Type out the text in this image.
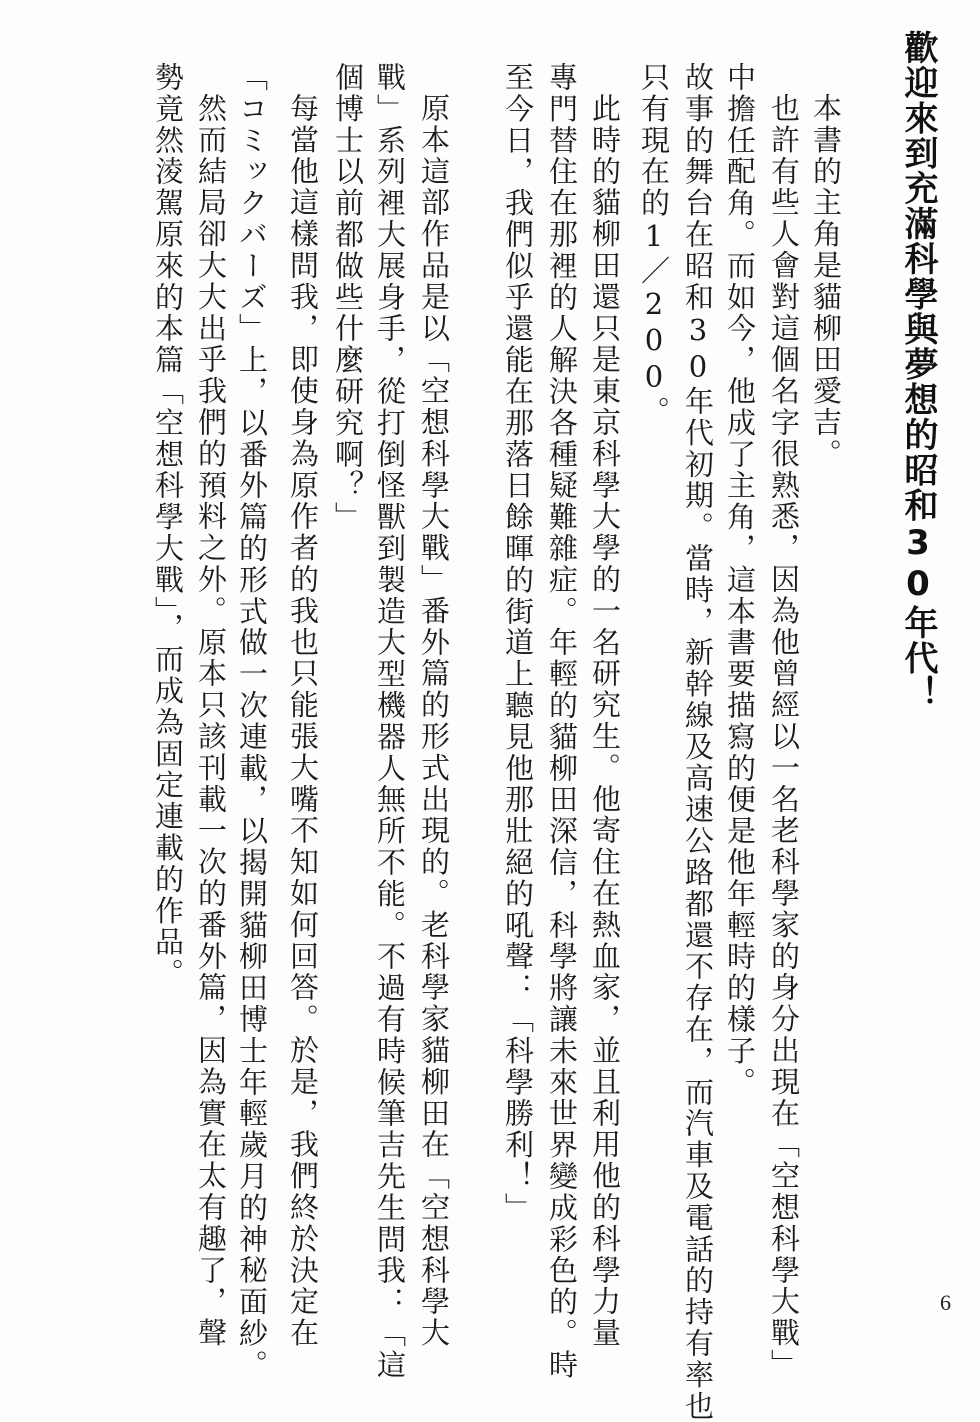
歡迎來到充滿科學與夢想的昭和30年代！
本書的主角是貓柳田愛吉。
也許有些人會對這個名字很熟悉，因為他曾經以一名老科學家的身分出現在「空想科學大戰」
中擔任配角。而如今，他成了主角，這本書要描寫的便是他年輕時的樣子。
故事的舞台在昭和30年代初期。當時，新幹線及高速公路都還不存在，而汽車及電話的持有率也
只有現在的1／200。
此時的貓柳田還只是東京科學大學的一名研究生。他寄住在熱血家，並且利用他的科學力量
專門替住在那裡的人解決各種疑難雜症。年輕的貓柳田深信，科學將讓未來世界變成彩色的。時
至今日，我們似乎還能在那落日餘暉的街道上聽見他那壯絕的吼聲：「科學勝利！」
原本這部作品是以「空想科學大戰」番外篇的形式出現的。老科學家貓柳田在「空想科學大
戰」系列裡大展身手，從打倒怪獸到製造大型機器人無所不能。不過有時候筆吉先生問我：「這
個博士以前都做些什麼研究啊？」
每當他這樣問我，即使身為原作者的我也只能張大嘴不知如何回答。於是，我們終於決定在
「コミックバーズ」上，以番外篇的形式做一次連載，以揭開貓柳田博士年輕歲月的神秘面紗。
然而結局卻大大出乎我們的預料之外。原本只該刊載一次的番外篇，因為實在太有趣了，聲
勢竟然淩駕原來的本篇「空想科學大戰」，而成為固定連載的作品。
6
